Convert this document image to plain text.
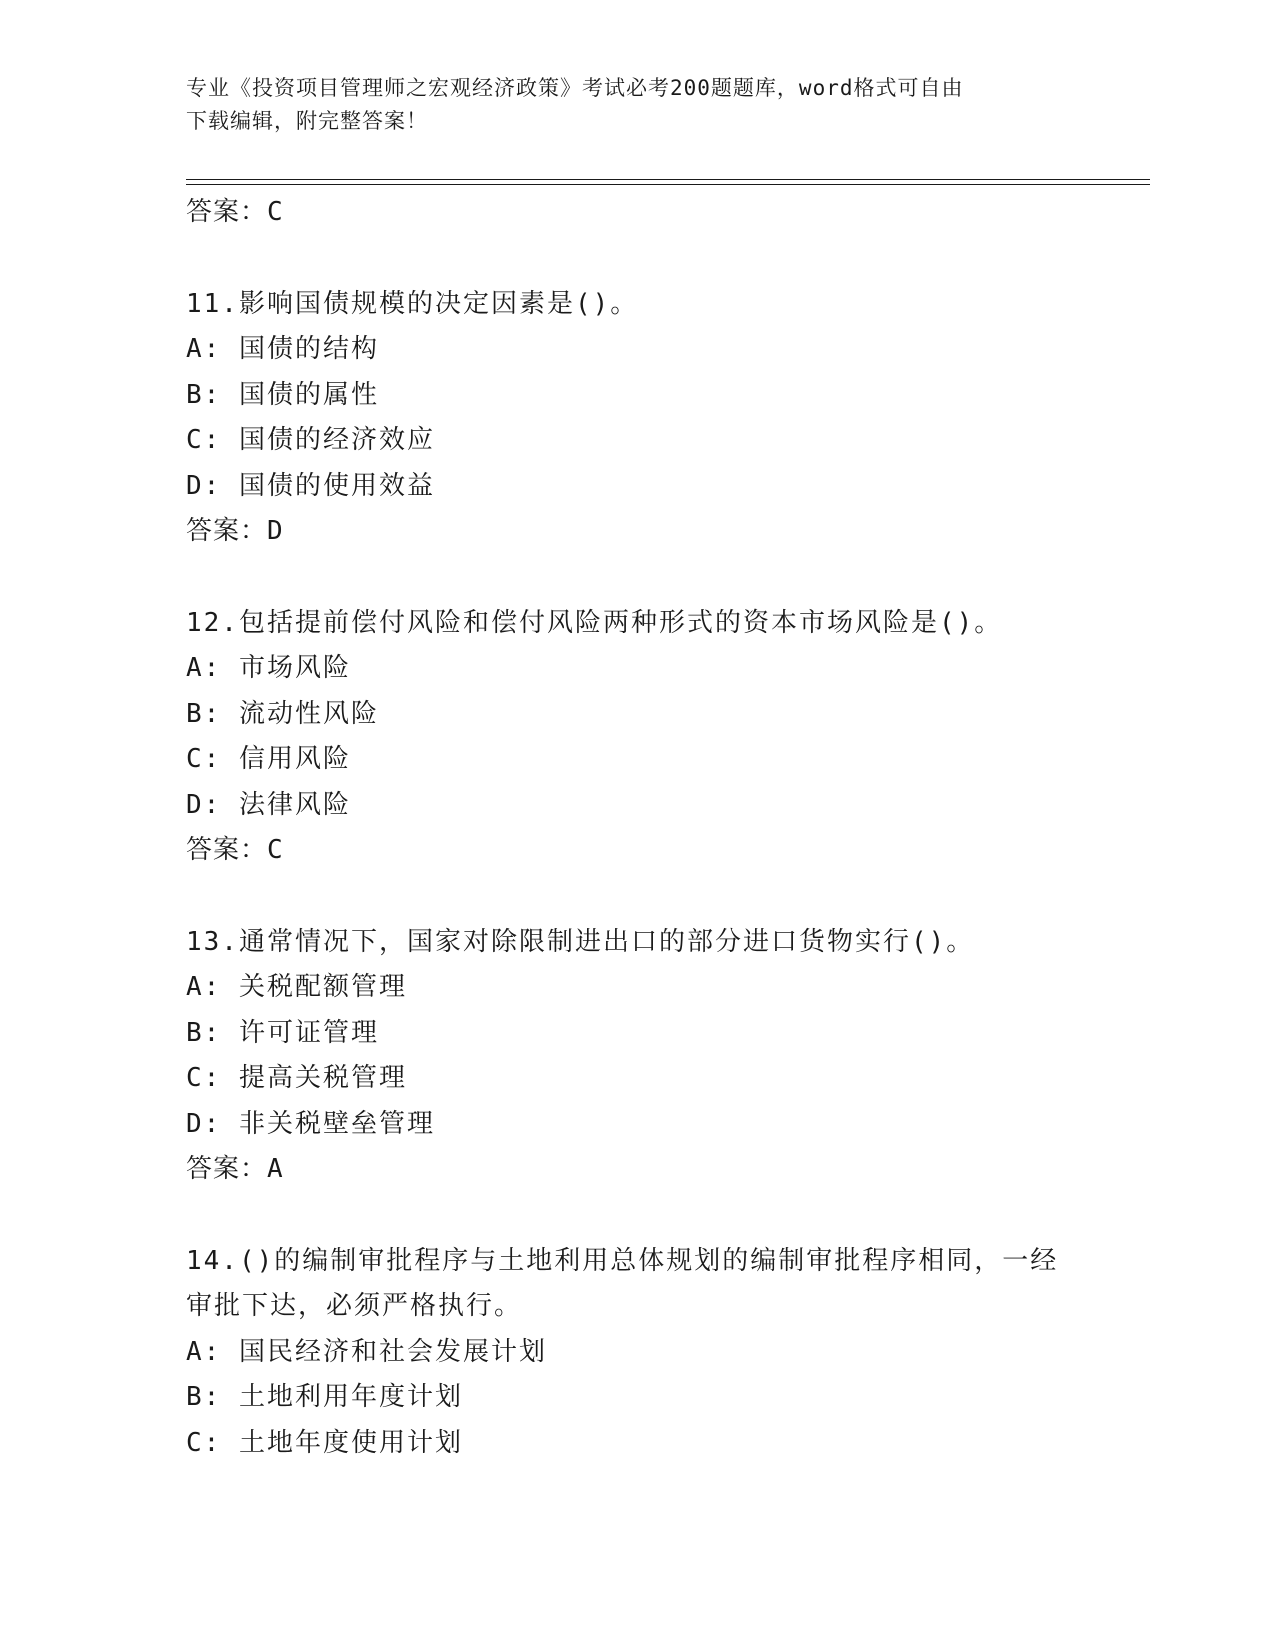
专业《投资项目管理师之宏观经济政策》考试必考200题题库，word格式可自由
下载编辑，附完整答案！
答案：C
11.影响国债规模的决定因素是()。
A: 国债的结构
B: 国债的属性
C: 国债的经济效应
D: 国债的使用效益
答案：D
12.包括提前偿付风险和偿付风险两种形式的资本市场风险是()。
A: 市场风险
B: 流动性风险
C: 信用风险
D: 法律风险
答案：C
13.通常情况下，国家对除限制进出口的部分进口货物实行()。
A: 关税配额管理
B: 许可证管理
C: 提高关税管理
D: 非关税壁垒管理
答案：A
14.()的编制审批程序与土地利用总体规划的编制审批程序相同，一经
审批下达，必须严格执行。
A: 国民经济和社会发展计划
B: 土地利用年度计划
C: 土地年度使用计划
